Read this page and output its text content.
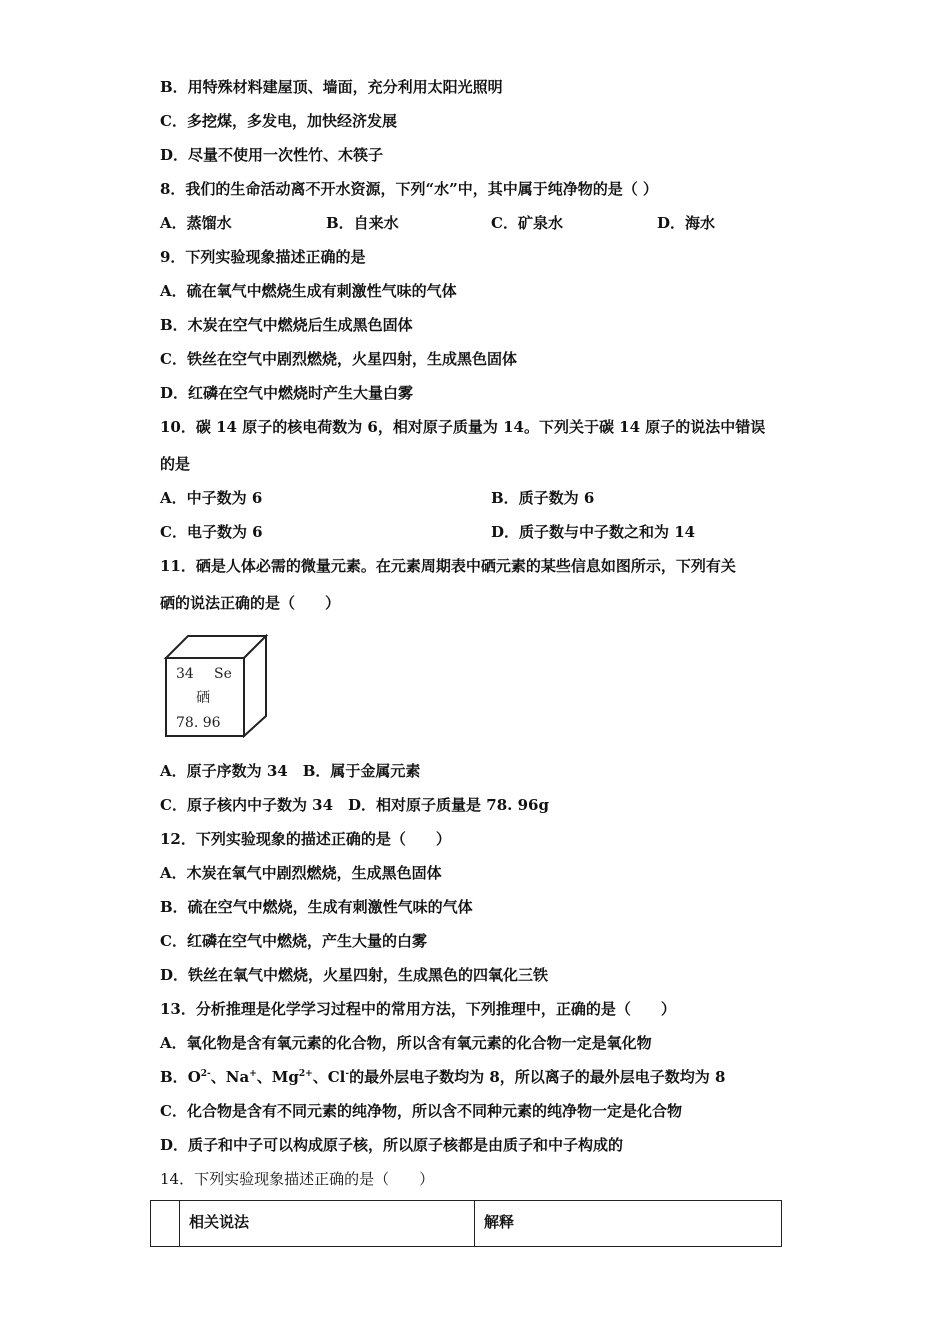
B．用特殊材料建屋顶、墙面，充分利用太阳光照明
C．多挖煤，多发电，加快经济发展
D．尽量不使用一次性竹、木筷子
8．我们的生命活动离不开水资源，下列“水”中，其中属于纯净物的是（ ）
A．蒸馏水	B．自来水	C．矿泉水	D．海水
9．下列实验现象描述正确的是
A．硫在氧气中燃烧生成有刺激性气味的气体
B．木炭在空气中燃烧后生成黑色固体
C．铁丝在空气中剧烈燃烧，火星四射，生成黑色固体
D．红磷在空气中燃烧时产生大量白雾
10．碳 14 原子的核电荷数为 6，相对原子质量为 14。下列关于碳 14 原子的说法中错误
的是
A．中子数为 6	B．质子数为 6
C．电子数为 6	D．质子数与中子数之和为 14
11．硒是人体必需的微量元素。在元素周期表中硒元素的某些信息如图所示，下列有关
硒的说法正确的是（　　）
34 Se
硒
78. 96
A．原子序数为 34　B．属于金属元素
C．原子核内中子数为 34　D．相对原子质量是 78. 96g
12．下列实验现象的描述正确的是（　　）
A．木炭在氧气中剧烈燃烧，生成黑色固体
B．硫在空气中燃烧，生成有刺激性气味的气体
C．红磷在空气中燃烧，产生大量的白雾
D．铁丝在氧气中燃烧，火星四射，生成黑色的四氧化三铁
13．分析推理是化学学习过程中的常用方法，下列推理中，正确的是（　　）
A．氧化物是含有氧元素的化合物，所以含有氧元素的化合物一定是氧化物
B．$O^{2-}$、Na+、$Mg^{2+}$、Cl-的最外层电子数均为 8，所以离子的最外层电子数均为 8
C．化合物是含有不同元素的纯净物，所以含不同种元素的纯净物一定是化合物
D．质子和中子可以构成原子核，所以原子核都是由质子和中子构成的
14．下列实验现象描述正确的是（　　）
相关说法	解释
